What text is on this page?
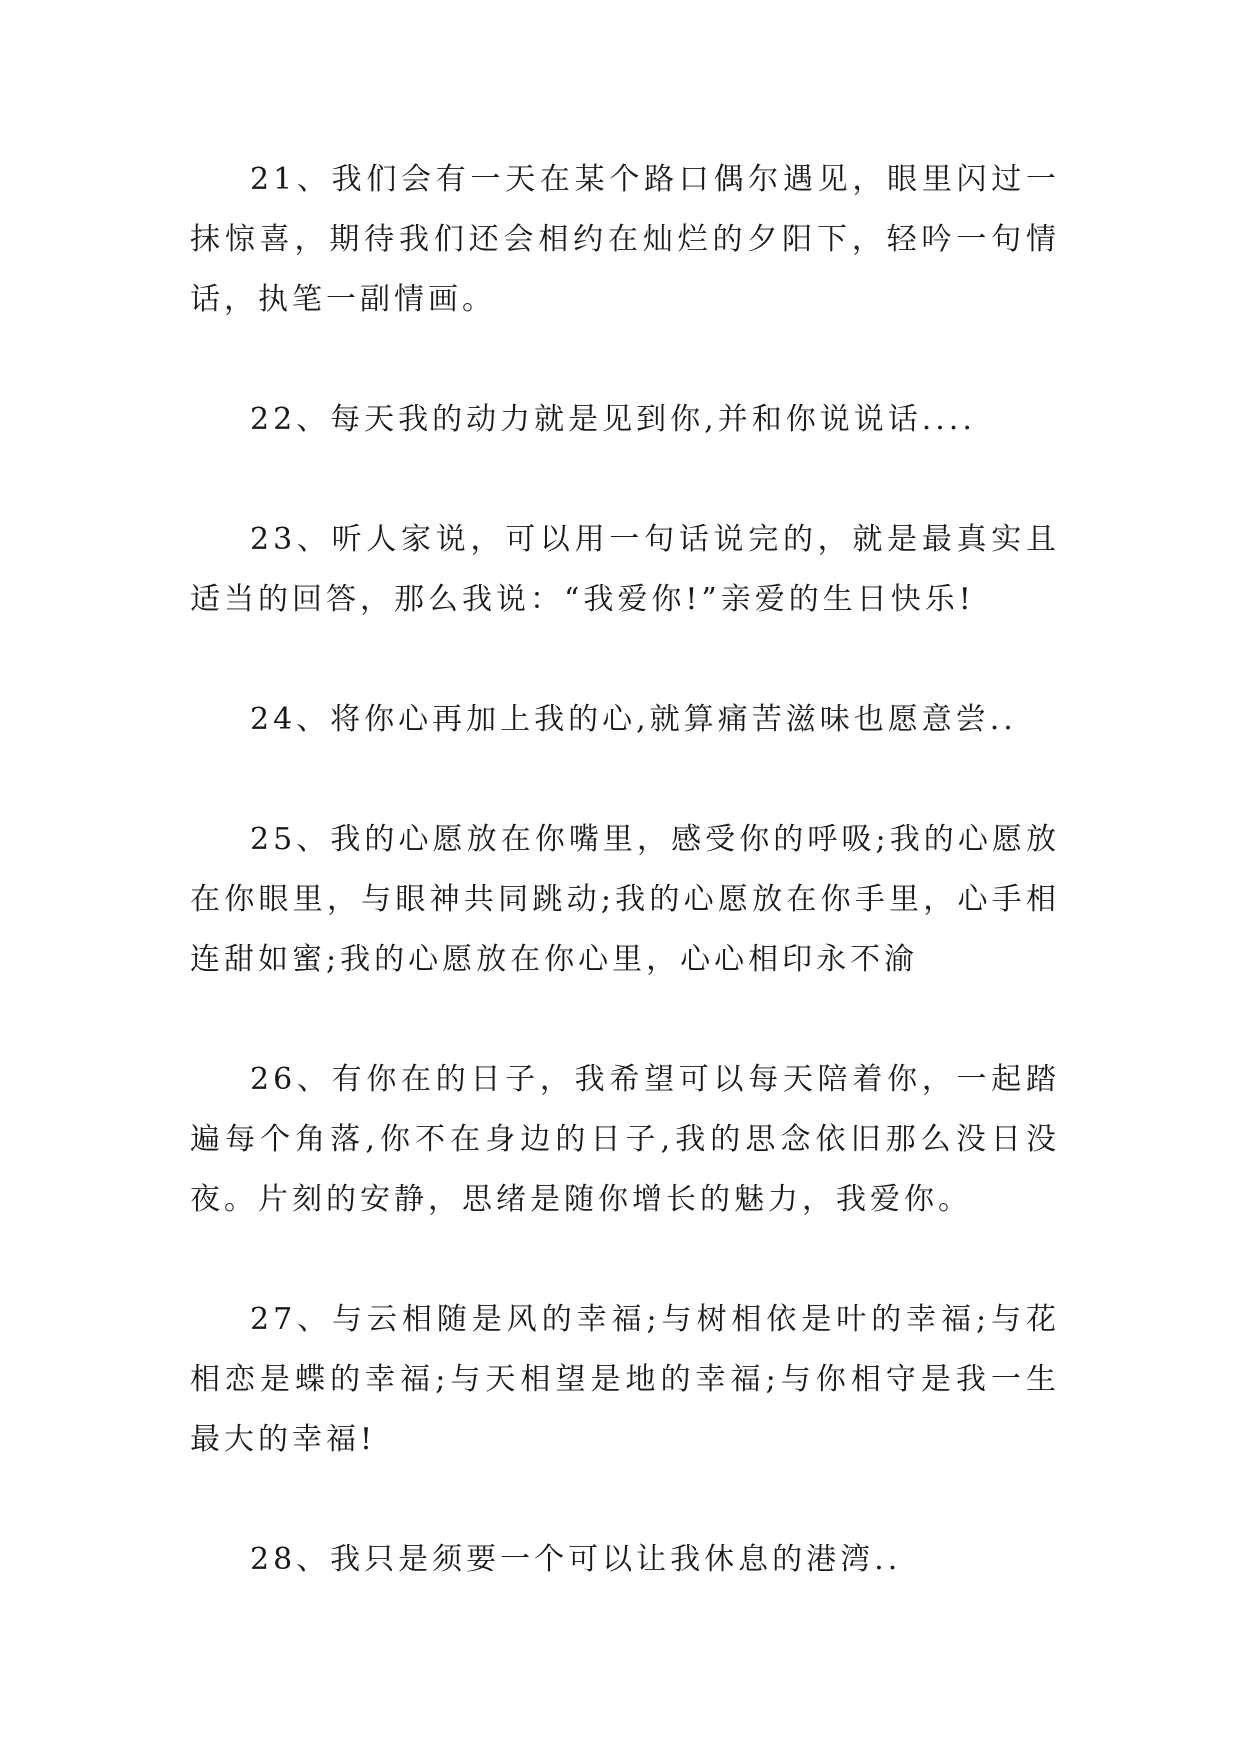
21、我们会有一天在某个路口偶尔遇见，眼里闪过一抹惊喜，期待我们还会相约在灿烂的夕阳下，轻吟一句情话，执笔一副情画。

22、每天我的动力就是见到你,并和你说说话....

23、听人家说，可以用一句话说完的，就是最真实且适当的回答，那么我说：“我爱你!”亲爱的生日快乐!

24、将你心再加上我的心,就算痛苦滋味也愿意尝..

25、我的心愿放在你嘴里，感受你的呼吸;我的心愿放在你眼里，与眼神共同跳动;我的心愿放在你手里，心手相连甜如蜜;我的心愿放在你心里，心心相印永不渝

26、有你在的日子，我希望可以每天陪着你，一起踏遍每个角落,你不在身边的日子,我的思念依旧那么没日没夜。片刻的安静，思绪是随你增长的魅力，我爱你。

27、与云相随是风的幸福;与树相依是叶的幸福;与花相恋是蝶的幸福;与天相望是地的幸福;与你相守是我一生最大的幸福!

28、我只是须要一个可以让我休息的港湾..
